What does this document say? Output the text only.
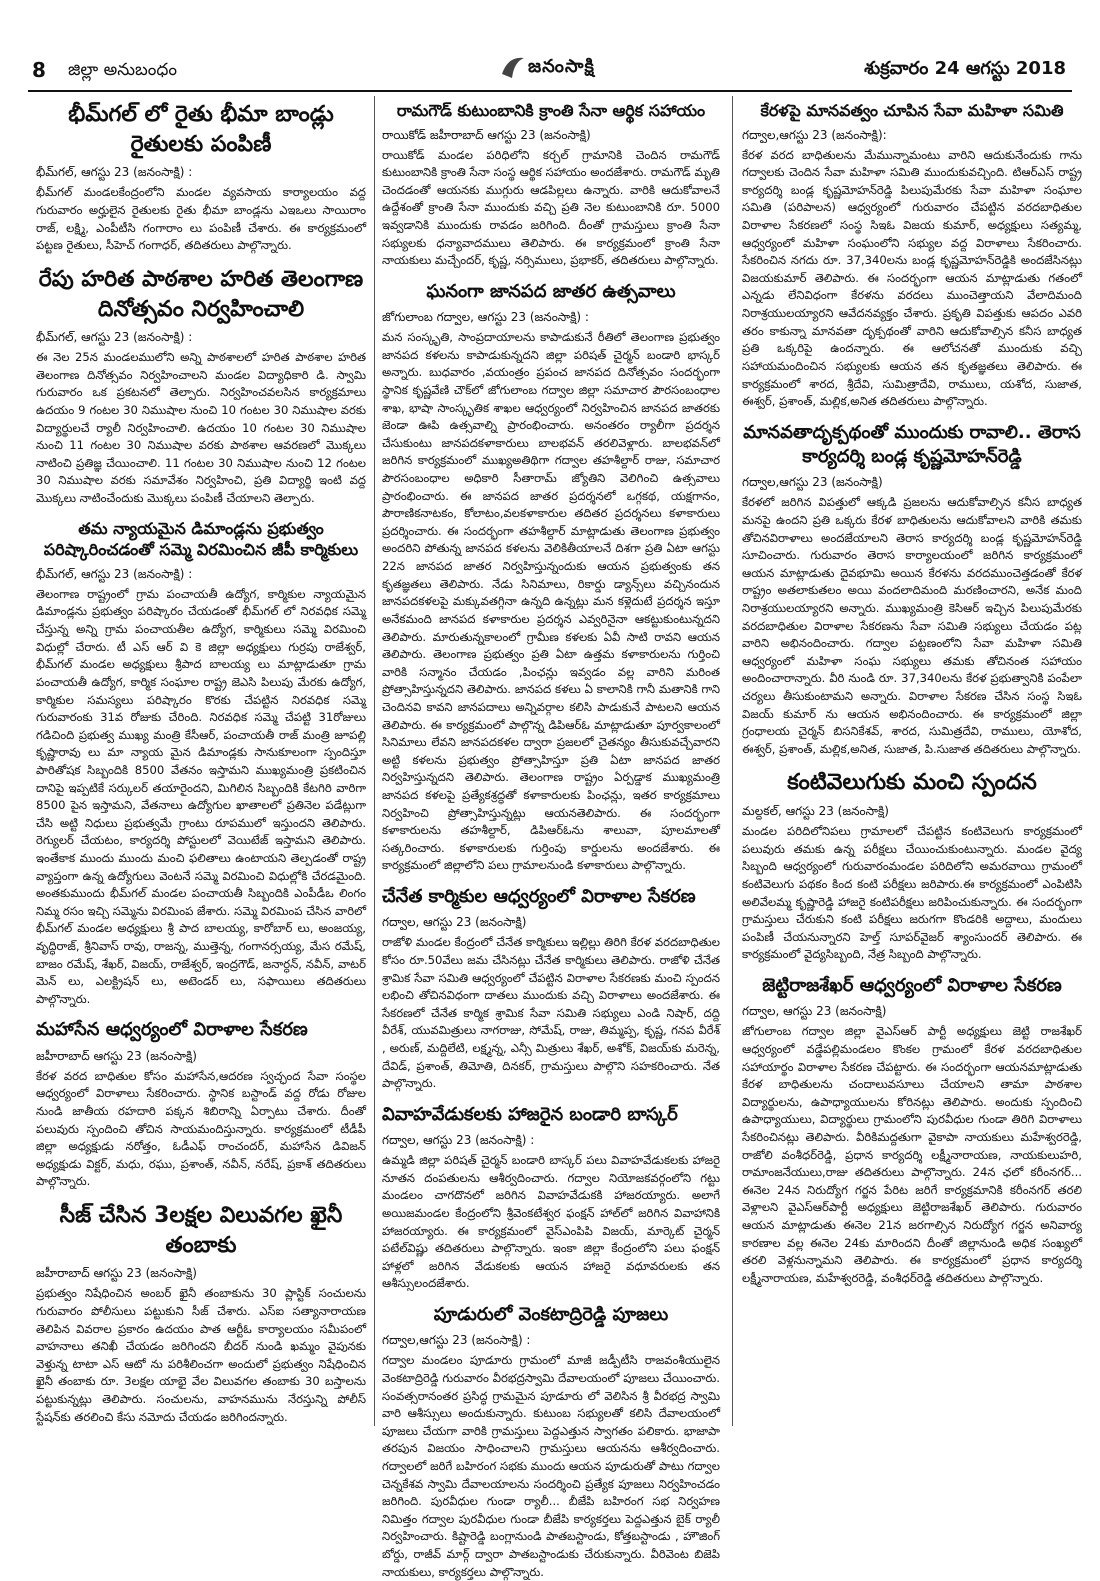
8 జిల్లా అనుబంధం	జనంసాక్షి	శుక్రవారం 24 ఆగస్టు 2018
భీమ్‌గల్‌ లో రైతు భీమా బాండ్లు రైతులకు పంపిణీ
భీమ్‌గల్‌, ఆగస్టు 23 (జనంసాక్షి) :

భీమ్‌గల్‌ మండలకేంద్రంలోని మండల వ్యవసాయ కార్యాలయం వద్ద గురువారం అర్హులైన రైతులకు రైతు భీమా బాండ్లను ఎఇఒలు సాయిరాం రాజ్‌, లక్ష్మి, ఎంపీటీసి గంగారాం లు పంపిణీ చేశారు. ఈ కార్యక్రమంలో పట్టణ రైతులు, సీహెచ్‌ గంగాధర్‌, తదితరులు పాల్గొన్నారు.

రేపు హరిత పాఠశాల హరిత తెలంగాణ దినోత్సవం నిర్వహించాలి
భీమ్‌గల్‌, ఆగస్టు 23 (జనంసాక్షి) :

ఈ నెల 25న మండలములోని అన్ని పాఠశాలలో హరిత పాఠశాల హరిత తెలంగాణ దినోత్సవం నిర్వహించాలని మండల విద్యాధికారి డి. స్వామి గురువారం ఒక ప్రకటనలో తెల్పారు. నిర్వహించవలసిన కార్యక్రమాలు ఉదయం 9 గంటల 30 నిముషాల నుంచి 10 గంటల 30 నిముషాల వరకు విద్యార్థులచే ర్యాలీ నిర్వహించాలి. ఉదయం 10 గంటల 30 నిముషాల నుంచి 11 గంటల 30 నిముషాల వరకు పాఠశాల ఆవరణలో మొక్కలు నాటించి ప్రతిజ్ఞ చేయించాలి. 11 గంటల 30 నిముషాల నుంచి 12 గంటల 30 నిముషాల వరకు సమావేశం నిర్వహించి, ప్రతి విద్యార్థి ఇంటి వద్ద మొక్కలు నాటించేందుకు మొక్కలు పంపిణీ చేయాలని తెల్పారు.

తమ న్యాయమైన డిమాండ్లను ప్రభుత్వం పరిష్కారించడంతో సమ్మె విరమించిన జీపీ కార్మికులు
భీమ్‌గల్‌, ఆగస్టు 23 (జనంసాక్షి) :

తెలంగాణ రాష్ట్రంలో గ్రామ పంచాయతీ ఉద్యోగ, కార్మికుల న్యాయమైన డిమాండ్లను ప్రభుత్వం పరిష్కారం చేయడంతో భీమ్‌గల్‌ లో నిరవధిక సమ్మె చేస్తున్న అన్ని గ్రామ పంచాయతీల ఉద్యోగ, కార్మికులు సమ్మె విరమించి విధుల్లో చేరారు. టీ ఎస్‌ ఆర్‌ వి కె జిల్లా అధ్యక్షులు గుర్రపు రాజేశ్వర్‌, భీమ్‌గల్‌ మండల అధ్యక్షులు శ్రీపాద బాలయ్య లు మాట్లాడుతూ గ్రామ పంచాయతీ ఉద్యోగ, కార్మిక సంఘాల రాష్ట్ర జెఎసి పిలుపు మేరకు ఉద్యోగ, కార్మికుల సమస్యలు పరిష్కారం కొరకు చేపట్టిన నిరవధిక సమ్మె గురువారంకు 31వ రోజుకు చేరింది. నిరవధిక సమ్మె చేపట్టి 31రోజులు గడిచింది ప్రభుత్వ ముఖ్య మంత్రి కేసీఆర్‌, పంచాయతీ రాజ్‌ మంత్రి జూపల్లి కృష్ణారావు లు మా న్యాయ మైన డిమాండ్లకు సానుకూలంగా స్పందిస్తూ పారితోషక సిబ్బందికి 8500 వేతనం ఇస్తామని ముఖ్యమంత్రి ప్రకటించిన దానిపై ఇప్పటికే సర్కులర్‌ తయారైందని, మిగిలిన సిబ్బందికి కేటగిరి వారిగా 8500 పైన ఇస్తామని, వేతనాలు ఉద్యోగుల ఖాతాలలో ప్రతినెల పడేట్లుగా చేసి అట్టి నిధులు ప్రభుత్వమే గ్రాంటు రూపములో ఇస్తుందని తెలిపారు. రెగ్యులర్‌ చేయటం, కార్యదర్శి పోస్టులలో వెయిటేజ్‌ ఇస్తామని తెలిపారు. ఇంతేకాక ముందు ముందు మంచి ఫలితాలు ఉంటాయని తెల్పడంతో రాష్ట్ర వ్యాప్తంగా ఉన్న ఉద్యోగులు వెంటనే సమ్మె విరమించి విధుల్లోకి చేరడమైంది. అంతకుముందు భీమ్‌గల్‌ మండల పంచాయతీ సిబ్బందికి ఎంపీడీఒ లింగం నిమ్మ రసం ఇచ్చి సమ్మెను విరమింప జేశారు. సమ్మె విరమింప చేసిన వారిలో భీమ్‌గల్‌ మండల అధ్యక్షులు శ్రీ పాద బాలయ్య, కారోబార్‌ లు, అంజయ్య, వృద్ధిరాజ్‌, శ్రీనివాస్‌ రావు, రాజన్న, ముత్తెన్న, గంగానర్సయ్య, మేస రమేష్‌, బాజం రమేష్‌, శేఖర్‌, విజయ్‌, రాజేశ్వర్‌, ఇంద్రగౌడ్‌, జనార్ధన్‌, నవీన్‌, వాటర్‌ మెన్‌ లు, ఎలక్ట్రిషన్‌ లు, అటెండర్‌ లు, సఫాయిలు తదితరులు పాల్గొన్నారు.

మహాసేన ఆధ్వర్యంలో విరాళాల సేకరణ
జహీరాబాద్‌ ఆగస్టు 23 (జనంసాక్షి)

కేరళ వరద బాధితుల కోసం మహాసేన,ఆదరణ స్వచ్ఛంద సేవా సంస్థల ఆధ్వర్యంలో విరాళాలు సేకరించారు. స్థానిక బస్టాండ్‌ వద్ద రోడు రోజుల నుండి జాతీయ రహదారి పక్కన శిబిరాన్ని ఏర్పాటు చేశారు. దీంతో పలువురు స్పందించి తోచిన సాయమందిస్తున్నారు. కార్యక్రమంలో టీడీపీ జిల్లా అధ్యక్షుడు నరోత్తం, ఓడీఎఫ్‌ రాంచందర్‌, మహాసేన డివిజన్‌ అధ్యక్షుడు విక్టర్‌, మధు, రఘు, ప్రశాంత్‌, నవీన్‌, నరేష్‌, ప్రకాశ్‌ తదితరులు పాల్గొన్నారు.

సీజ్‌ చేసిన 3లక్షల విలువగల ఖైనీ తంబాకు
జహీరాబాద్‌ ఆగస్టు 23 (జనంసాక్షి)

ప్రభుత్వం నిషేధించిన అంబర్‌ ఖైనీ తంబాకును 30 ప్లాస్టిక్‌ సంచులను గురువారం పోలీసులు పట్టుకుని సీజ్‌ చేశారు. ఎస్‌ఐ సత్యానారాయణ తెలిపిన వివరాల ప్రకారం ఉదయం పాత ఆర్టీఓ కార్యాలయం సమీపంలో వాహనాలు తనిఖీ చేయడం జరిగిందని బీదర్‌ నుండి ఖమ్మం వైపునకు వెళ్తున్న టాటా ఎస్‌ ఆటో ను పరిశీలించగా అందులో ప్రభుత్వం నిషేధించిన ఖైనీ తంబాకు రూ. 3లక్షల యాభై వేల విలువగల తంబాకు 30 బస్తాలను పట్టుకున్నట్లు తెలిపారు. సంచులను, వాహనమును నేరస్తున్ని పోలీస్‌ స్టేషన్‌కు తరలించి కేసు నమోదు చేయడం జరిగిందన్నారు.

రామగౌడ్‌ కుటుంబానికి క్రాంతి సేనా ఆర్థిక సహాయం
రాయికోడ్‌ జహీరాబాద్‌ ఆగస్టు 23 (జనంసాక్షి)

రాయికోడ్‌ మండల పరిధిలోని కర్చల్‌ గ్రామానికి చెందిన రామగౌడ్‌ కుటుంబానికి క్రాంతి సేనా సంస్థ ఆర్థిక సహాయం అందజేశారు. రామగౌడ్‌ మృతి చెందడంతో ఆయనకు ముగ్గురు ఆడపిల్లలు ఉన్నారు. వారికి ఆదుకోవాలనే ఉద్దేశంతో క్రాంతి సేనా ముందుకు వచ్చి ప్రతి నెల కుటుంబానికి రూ. 5000 ఇవ్వడానికి ముందుకు రావడం జరిగింది. దీంతో గ్రామస్తులు క్రాంతి సేనా సభ్యులకు ధన్యావాదములు తెలిపారు. ఈ కార్యక్రమంలో క్రాంతి సేనా నాయకులు మచ్చేందర్‌, కృష్ణ, నర్సిములు, ప్రభాకర్‌, తదితరులు పాల్గొన్నారు.

ఘనంగా జానపద జాతర ఉత్సవాలు
జోగులాంబ గద్వాల, ఆగస్టు 23 (జనంసాక్షి) :

మన సంస్కృతి, సాంప్రదాయాలను కాపాడుకునే రీతిలో తెలంగాణ ప్రభుత్వం జానపద కళలను కాపాడుకున్నదని జిల్లా పరిషత్‌ చైర్మన్‌ బండారి భాస్కర్‌ అన్నారు. బుధవారం ,వయంత్రం ప్రపంచ జానపద దినోత్సవం సందర్భంగా స్థానిక కృష్ణవేణి చౌక్‌లో జోగులాంబ గద్వాల జిల్లా సమాచార పౌరసంబంధాల శాఖ, భాషా సాంస్కృతిక శాఖల ఆధ్వర్యంలో నిర్వహించిన జానపద జాతరకు జెండా ఊపి ఉత్సవాల్ని ప్రారంభించారు. అనంతరం ర్యాలీగా ప్రదర్శన చేసుకుంటు జానపదకళాకారులు బాలభవన్‌ తరలివెళ్లారు. బాలభవన్‌లో జరిగిన కార్యక్రమంలో ముఖ్యఅతిథిగా గద్వాల తహశీల్దార్‌ రాజు, సమాచార పౌరసంబంధాల అధికారి సీతారామ్‌ జ్యోతిని వెలిగించి ఉత్సవాలు ప్రారంభించారు. ఈ జానపద జాతర ప్రదర్శనలో ఒగ్గకథ, యక్షగానం, పౌరాణికనాటకం, కోలాటం,వలకళాకారుల తదితర ప్రదర్శనలు కళాకారులు ప్రదర్శించారు. ఈ సందర్భంగా తహశీల్దార్‌ మాట్లాడుతు తెలంగాణ ప్రభుత్వం అందరిని పోతున్న జానపద కళలను వెలికితీయాలనే దిశగా ప్రతి ఏటా ఆగస్టు 22న జానపద జాతర నిర్వహిస్తున్నందుకు ఆయన ప్రభుత్వంకు తన కృతజ్ఞతలు తెలిపారు. నేడు సినిమాలు, రికార్డు డ్యాన్స్‌లు వచ్చినందున జానపదకళలపై మక్కువతగ్గినా ఉన్నది ఉన్నట్లు మన కళ్లెదుటే ప్రదర్శన ఇస్తూ అనేకమంది జానపద కళాకారుల ప్రదర్శన ఎవ్వరినైనా ఆకట్టుకుంటున్నదని తెలిపారు. మారుతున్నకాలంలో గ్రామీణ కళలకు ఏవీ సాటి రావని ఆయన తెలిపారు. తెలంగాణ ప్రభుత్వం ప్రతి ఏటా ఉత్తమ కళాకారులను గుర్తించి వారికి సన్మానం చేయడం ,పింఛన్లు ఇవ్వడం వల్ల వారిని మరింత ప్రోత్సాహిస్తున్నదని తెలిపారు. జానపద కళలు ఏ కాలానికి గానీ మతానికి గాని చెందినవి కావని జానపదాలు అన్నివర్గాల కలిసి పాడుకునే పాటలని ఆయన తెలిపారు. ఈ కార్యక్రమంలో పాల్గొన్న డిపిఆర్‌ఓ మాట్లాడుతూ పూర్వకాలంలో సినిమాలు లేవని జానపదకళల ద్వారా ప్రజలలో చైతన్యం తీసుకువచ్చేవారని అట్టి కళలను ప్రభుత్వం ప్రోత్సాహిస్తూ ప్రతి ఏటా జానపద జాతర నిర్వహిస్తున్నదని తెలిపారు. తెలంగాణ రాష్ట్రం ఏర్పడ్డాక ముఖ్యమంత్రి జానపద కళలపై ప్రత్యేకశ్రద్ధతో కళాకారులకు పింఛన్లు, ఇతర కార్యక్రమాలు నిర్వహించి ప్రోత్సాహిస్తున్నట్లు ఆయనతెలిపారు. ఈ సందర్భంగా కళాకారులను తహశీల్దార్‌, డిపిఆర్‌ఓను శాలువా, పూలమాలతో సత్కరించారు. కళాకారులకు గుర్తింపు కార్డులను అందజేశారు. ఈ కార్యక్రమంలో జిల్లాలోని పలు గ్రామాలనుండి కళాకారులు పాల్గొన్నారు.

చేనేత కార్మికుల ఆధ్వర్యంలో విరాళాల సేకరణ
గద్వాల, ఆగస్టు 23 (జనంసాక్షి)

రాజోళి మండల కేంద్రంలో చేనేత కార్మికులు ఇల్లిల్లు తిరిగి కేరళ వరదబాధితుల కోసం రూ.50వేలు జమ చేసినట్లు చేనేత కార్మికులు తెలిపారు. రాజోళి చేనేత శ్రామిక సేవా సమితి ఆధ్వర్యంలో చేపట్టిన విరాళాల సేకరణకు మంచి స్పందన లభించి తోచినవిధంగా దాతలు ముందుకు వచ్చి విరాళాలు అందజేశారు. ఈ సేకరణలో చేనేత కార్మిక శ్రామిక సేవా సమితి సభ్యులు ఎండి నిషార్‌, దద్ది వీరేశ్‌, యువమిత్రులు నాగరాజు, సోమేష్‌, రాజు, తిమ్మప్ప, కృష్ణ, గనప వీరేశ్‌ , అరుణ్‌, మద్దిలేటి, లక్ష్మన్న, ఎన్సీ మిత్రులు శేఖర్‌, అశోక్‌, విజయ్‌కు మరెన్న, దేవిడ్‌, ప్రశాంత్‌, తిమోతి, దినకర్‌, గ్రామస్తులు పాల్గొని సహకరించారు. నేత పాల్గొన్నారు.

వివాహవేడుకలకు హాజరైన బండారి బాస్కర్‌
గద్వాల, ఆగస్టు 23 (జనంసాక్షి) :

ఉమ్మడి జిల్లా పరిషత్‌ చైర్మన్‌ బండారి బాస్కర్‌ పలు వివాహవేడుకలకు హాజరై నూతన దంపతులను ఆశీర్వదించారు. గద్వాల నియోజకవర్గంలోని గట్టు మండలం చాగదొనలో జరిగిన వివాహవేడుకకి హాజరయ్యారు. అలాగే అయిజమండల కేంద్రంలోని శ్రీవెంకటేశ్వర ఫంక్షన్‌ హాల్‌లో జరిగిన వివాహానికి హాజరయ్యారు. ఈ కార్యక్రమంలో వైస్‌ఎంపిపి విజయ్‌, మార్కెట్‌ చైర్మన్‌ పటేల్‌విష్ణు తదితరులు పాల్గొన్నారు. ఇంకా జిల్లా కేంద్రంలోని పలు ఫంక్షన్‌ హాళ్లలో జరిగిన వేడుకలకు ఆయన హాజరై వధూవరులకు తన ఆశీస్సులందజేశారు.

పూడురులో వెంకటాద్రిరెడ్డి పూజలు
గద్వాల,ఆగస్టు 23 (జనంసాక్షి) :

గద్వాల మండలం పూడూరు గ్రామంలో మాజీ జడ్పీటీసి రాజవంశీయులైన వెంకటాద్రిరెడ్డి గురువారం వీరభద్రస్వామి దేవాలయంలో పూజలు చేయించారు. సంవత్సరానంతర ప్రసిద్ధ గ్రామమైన పూడూరు లో వెలిసిన శ్రీ వీరభద్ర స్వామి వారి ఆశీస్సులు అందుకున్నారు. కుటుంబ సభ్యులతో కలిసి దేవాలయంలో పూజలు చేయగా వారికి గ్రామస్తులు పెద్దఎత్తున స్వాగతం పలికారు. భాజాపా తరపున విజయం సాధించాలని గ్రామస్తులు ఆయనను ఆశీర్వదించారు. గద్వాలలో జరిగే బహిరంగ సభకు ముందు ఆయన పూడురుతో పాటు గద్వాల చెన్నకేశవ స్వామి దేవాలయాలను సందర్శించి ప్రత్యేక పూజలు నిర్వహించడం జరిగింది. పురవీధుల గుండా ర్యాలీ... బీజేపి బహిరంగ సభ నిర్వహణ నిమిత్తం గద్వాల పురవీధుల గుండా బీజేపి కార్యకర్తలు పెద్దఎత్తున బైక్‌ ర్యాలీ నిర్వహించారు. కిష్టారెడ్డి బంగ్లానుండి పాతబస్టాండు, కోత్తబస్టాండు , హౌజింగ్‌ బోర్డు, రాజీవ్‌ మార్గ్‌ ద్వారా పాతబస్టాండుకు చేరుకున్నారు. వీరివెంట బిజెపి నాయకులు, కార్యకర్తలు పాల్గొన్నారు.

కేరళపై మానవత్వం చూపిన సేవా మహిళా సమితి
గద్వాల,ఆగస్టు 23 (జనంసాక్షి):

కేరళ వరద బాధితులను మేమున్నామంటు వారిని ఆదుకునేందుకు గాను గద్వాలకు చెందిన సేవా మహిళా సమితి ముందుకువచ్చింది. టిఆర్‌ఎస్‌ రాష్ట్ర కార్యదర్శి బండ్ల కృష్ణమోహన్‌రెడ్డి పిలుపుమేరకు సేవా మహిళా సంఘాల సమితి (పరిపాలన) ఆధ్వర్యంలో గురువారం చేపట్టిన వరదబాధితుల విరాళాల సేకరణలో సంస్థ సిఇఓ విజయ కుమార్‌, అధ్యక్షులు సత్యమ్మ, ఆధ్వర్యంలో మహిళా సంఘంలోని సభ్యుల వద్ద విరాళాలు సేకరించారు. సేకరించిన నగదు రూ. 37,340లను బండ్ల కృష్ణమోహన్‌రెడ్డికి అందజేసినట్లు విజయకుమార్‌ తెలిపారు. ఈ సందర్భంగా ఆయన మాట్లాడుతు గతంలో ఎన్నడు లేనివిధంగా కేరళను వరదలు ముంచెత్తాయని వేలాదిమంది నిరాశ్రయులయ్యారని ఆవేదనవ్యక్తం చేశారు. ప్రకృతి విపత్తుకు ఆపదం ఎవరి తరం కాకున్నా మానవతా దృక్పథంతో వారిని ఆదుకోవాల్సిన కనీస బాధ్యత ప్రతి ఒక్కరిపై ఉందన్నారు. ఈ ఆలోచనతో ముందుకు వచ్చి సహాయమందించిన సభ్యులకు ఆయన తన కృతజ్ఞతలు తెలిపారు. ఈ కార్యక్రమంలో శారద, శ్రీదేవి, సుమిత్రాదేవి, రాములు, యశోద, సుజాత, ఈశ్వర్‌, ప్రశాంత్‌, మల్లిక,అనిత తదితరులు పాల్గొన్నారు.

మానవతాదృక్పథంతో ముందుకు రావాలి.. తెరాస కార్యదర్శి బండ్ల కృష్ణమోహన్‌రెడ్డి
గద్వాల,ఆగస్టు 23 (జనంసాక్షి)

కేరళలో జరిగిన విపత్తులో ఆక్కడి ప్రజలను ఆదుకోవాల్సిన కనీస బాధ్యత మనపై ఉందని ప్రతి ఒక్కరు కేరళ బాధితులను ఆదుకోవాలని వారికి తమకు తోచినవిరాళాలు అందజేయాలని తెరాస కార్యదర్శి బండ్ల కృష్ణమోహన్‌రెడ్డి సూచించారు. గురువారం తెరాస కార్యాలయంలో జరిగిన కార్యక్రమంలో ఆయన మాట్లాడుతు దైవభూమి అయిన కేరళను వరదముంచెత్తడంతో కేరళ రాష్ట్రం అతలాకుతలం అయి వందలాదిమంది మరణించారని, అనేక మంది నిరాశ్రయులయ్యారని అన్నారు. ముఖ్యమంత్రి కెసిఆర్‌ ఇచ్చిన పిలుపుమేరకు వరదబాధితుల విరాళాల సేకరణను సేవా సమితి సభ్యులు చేయడం పట్ల వారిని అభినందించారు. గద్వాల పట్టణంలోని సేవా మహిళా సమితి ఆధ్వర్యంలో మహిళా సంఘ సభ్యులు తమకు తోచినంత సహాయం అందించారాన్నారు. వీరి నుండి రూ. 37,340లను కేరళ ప్రభుత్వానికి పంపేలా చర్యలు తీసుకుంటామని అన్నారు. విరాళాల సేకరణ చేసిన సంస్థ సిఇఓ విజయ్‌ కుమార్‌ ను ఆయన అభినందించారు. ఈ కార్యక్రమంలో జిల్లా గ్రంధాలయ చైర్మన్‌ బిసనికేశవ్‌, శారద, సుమిత్రదేవి, రాములు, యోశోద, ఈశ్వర్‌, ప్రశాంత్‌, మల్లిక,అనిత, సుజాత, పి.సుజాత తదితరులు పాల్గొన్నారు.

కంటివెలుగుకు మంచి స్పందన
మల్దకల్‌, ఆగస్టు 23 (జనంసాక్షి)

మండల పరిదిలోనిపలు గ్రామాలలో చేపట్టిన కంటివెలుగు కార్యక్రమంలో పలువురు తమకు ఉన్న పరీక్షలు చేయించుకుంటున్నారు. మండల వైద్య సిబ్బంది ఆధ్వర్యంలో గురువారంమండల పరిదిలోని అమరవాయి గ్రామంలో కంటివెలుగు పథకం కింద కంటి పరీక్షలు జరిపారు.ఈ కార్యక్రమంలో ఎంపిటిసి అలివేలమ్మ కృష్ణారెడ్డి హాజరై కంటిపరీక్షలు జరిపించుకున్నారు. ఈ సందర్భంగా గ్రామస్తులు చేరుకుని కంటి పరీక్షలు జరుగగా కొండరికి అద్దాలు, మందులు పంపిణీ చేయనున్నారని హెల్త్‌ సూపర్‌వైజర్‌ శ్యాంసుందర్‌ తెలిపారు. ఈ కార్యక్రమంలో వైద్యసిబ్బంది, నేత్ర సిబ్బంది పాల్గొన్నారు.

జెట్టిరాజశేఖర్‌ ఆధ్వర్యంలో విరాళాల సేకరణ
గద్వాల, ఆగస్టు 23 (జనంసాక్షి)

జోగులాంబ గద్వాల జిల్లా వైఎస్‌ఆర్‌ పార్టీ అధ్యక్షులు జెట్టి రాజశేఖర్‌ ఆధ్వర్యంలో వడ్డేపల్లిమండలం కొంకల గ్రామంలో కేరళ వరదబాధితుల సహాయార్థం విరాళాల సేకరణ చేపట్టారు. ఈ సందర్భంగా ఆయనమాట్లాడుతు కేరళ బాధితులను చందాలువసూలు చేయాలని తామా పాఠశాల విద్యార్థులను, ఉపాధ్యాయులను కోరినట్లు తెలిపారు. అందుకు స్పందించి ఉపాధ్యాయులు, విద్యార్థులు గ్రామంలోని పురవీధుల గుండా తిరిగి విరాళాలు సేకరించినట్లు తెలిపారు. వీరికిమద్దతుగా వైకాపా నాయకులు మహేశ్వరరెడ్డి, రాజోలి వంశీధర్‌రెడ్డి, ప్రధాన కార్యదర్శి లక్ష్మీనారాయణ, నాయకులుహరి, రామాంజనేయులు,రాజు తదితరులు పాల్గొన్నారు. 24న ఛలో కరీంనగర్‌... ఈనెల 24న నిరుద్యోగ గర్జన పేరిట జరిగే కార్యక్రమానికి కరీంనగర్‌ తరలి వెళ్లాలని వైఎస్‌ఆర్‌పార్టీ అధ్యక్షులు జెట్టిరాజశేఖర్‌ తెలిపారు. గురువారం ఆయన మాట్లాడుతు ఈనెల 21న జరగాల్సిన నిరుద్యోగ గర్జన అనివార్య కారణాల వల్ల ఈనెల 24కు మారిందని దీంతో జిల్లానుండి అధిక సంఖ్యలో తరలి వెళ్లనున్నామని తెలిపారు. ఈ కార్యక్రమంలో ప్రధాన కార్యదర్శి లక్ష్మీనారాయణ, మహేశ్వరరెడ్డి, వంశీధర్‌రెడ్డి తదితరులు పాల్గొన్నారు.
